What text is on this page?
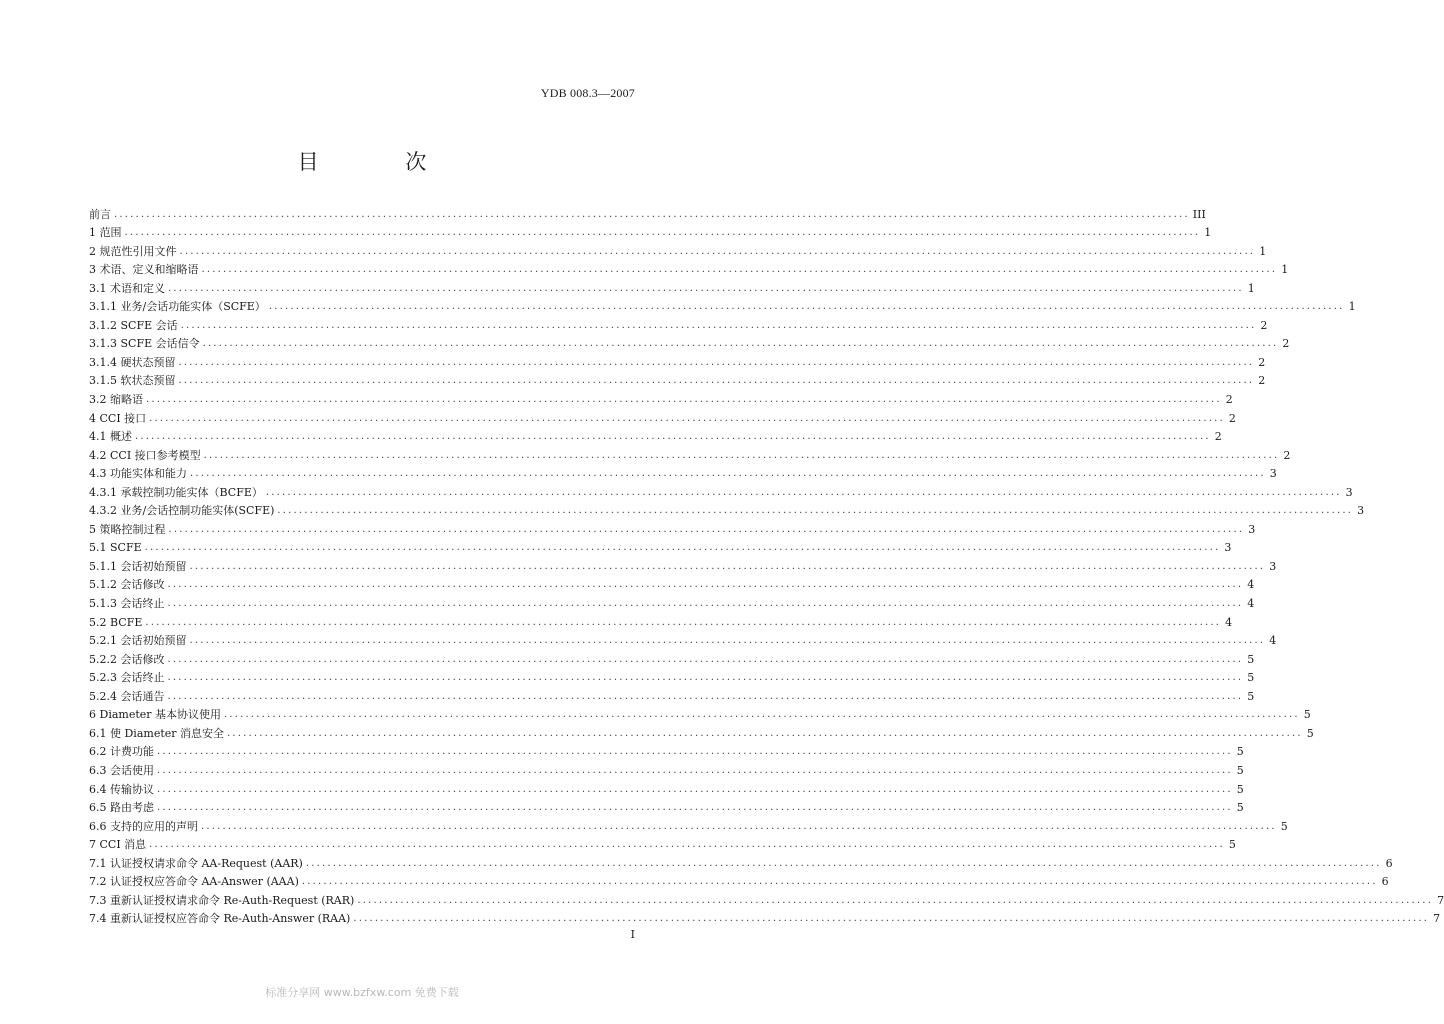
YDB 008.3—2007
目 次
前言 ........................................................................................................................................................................................................ III
1 范围 ........................................................................................................................................................................................................ 1
2 规范性引用文件 ........................................................................................................................................................................................................ 1
3 术语、定义和缩略语 ........................................................................................................................................................................................................ 1
3.1 术语和定义 ........................................................................................................................................................................................................ 1
3.1.1 业务/会话功能实体（SCFE） ........................................................................................................................................................................................................ 1
3.1.2 SCFE 会话 ........................................................................................................................................................................................................ 2
3.1.3 SCFE 会话信令 ........................................................................................................................................................................................................ 2
3.1.4 硬状态预留 ........................................................................................................................................................................................................ 2
3.1.5 软状态预留 ........................................................................................................................................................................................................ 2
3.2 缩略语 ........................................................................................................................................................................................................ 2
4 CCI 接口 ........................................................................................................................................................................................................ 2
4.1 概述 ........................................................................................................................................................................................................ 2
4.2 CCI 接口参考模型 ........................................................................................................................................................................................................ 2
4.3 功能实体和能力 ........................................................................................................................................................................................................ 3
4.3.1 承载控制功能实体（BCFE） ........................................................................................................................................................................................................ 3
4.3.2 业务/会话控制功能实体(SCFE) ........................................................................................................................................................................................................ 3
5 策略控制过程 ........................................................................................................................................................................................................ 3
5.1 SCFE ........................................................................................................................................................................................................ 3
5.1.1 会话初始预留 ........................................................................................................................................................................................................ 3
5.1.2 会话修改 ........................................................................................................................................................................................................ 4
5.1.3 会话终止 ........................................................................................................................................................................................................ 4
5.2 BCFE ........................................................................................................................................................................................................ 4
5.2.1 会话初始预留 ........................................................................................................................................................................................................ 4
5.2.2 会话修改 ........................................................................................................................................................................................................ 5
5.2.3 会话终止 ........................................................................................................................................................................................................ 5
5.2.4 会话通告 ........................................................................................................................................................................................................ 5
6 Diameter 基本协议使用 ........................................................................................................................................................................................................ 5
6.1 使 Diameter 消息安全 ........................................................................................................................................................................................................ 5
6.2 计费功能 ........................................................................................................................................................................................................ 5
6.3 会话使用 ........................................................................................................................................................................................................ 5
6.4 传输协议 ........................................................................................................................................................................................................ 5
6.5 路由考虑 ........................................................................................................................................................................................................ 5
6.6 支持的应用的声明 ........................................................................................................................................................................................................ 5
7 CCI 消息 ........................................................................................................................................................................................................ 5
7.1 认证授权请求命令 AA-Request (AAR) ........................................................................................................................................................................................................ 6
7.2 认证授权应答命令 AA-Answer (AAA) ........................................................................................................................................................................................................ 6
7.3 重新认证授权请求命令 Re-Auth-Request (RAR) ........................................................................................................................................................................................................ 7
7.4 重新认证授权应答命令 Re-Auth-Answer (RAA) ........................................................................................................................................................................................................ 7
I
标准分享网 www.bzfxw.com 免费下载
